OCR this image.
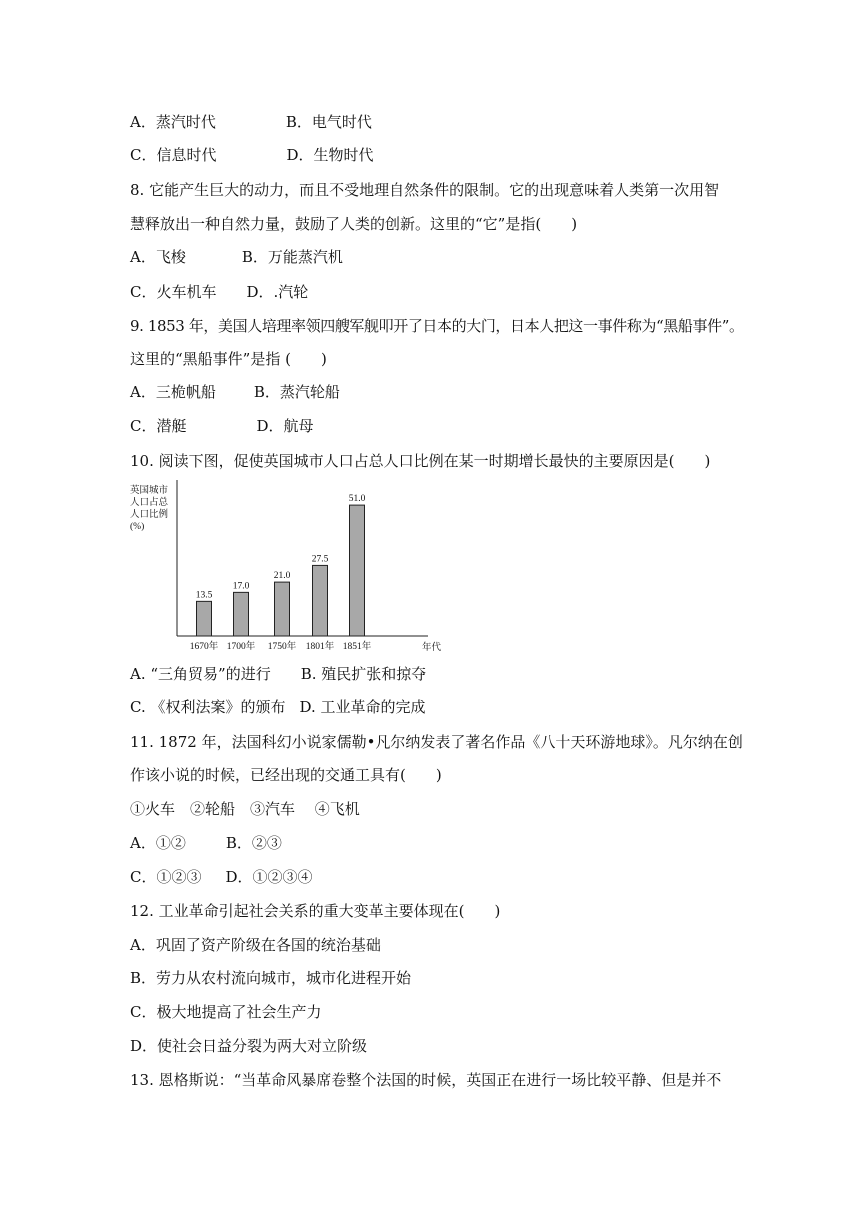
A．蒸汽时代	B．电气时代
C．信息时代	D．生物时代
8. 它能产生巨大的动力，而且不受地理自然条件的限制。它的出现意味着人类第一次用智
慧释放出一种自然力量，鼓励了人类的创新。这里的“它”是指(　　)
A．飞梭	B．万能蒸汽机
C．火车机车 D．.汽轮
9. 1853 年，美国人培理率领四艘军舰叩开了日本的大门，日本人把这一事件称为“黑船事件”。
这里的“黑船事件”是指 (　　)
A．三桅帆船	B．蒸汽轮船
C．潜艇	D．航母
10. 阅读下图，促使英国城市人口占总人口比例在某一时期增长最快的主要原因是(　　)
英国城市
人口占总
人口比例
(%)
13.5
1670年
17.0
1700年
21.0
1750年
27.5
1801年
51.0
1851年	年代
A. “三角贸易”的进行 B. 殖民扩张和掠夺
C. 《权利法案》的颁布 D. 工业革命的完成
11. 1872 年，法国科幻小说家儒勒•凡尔纳发表了著名作品《八十天环游地球》。凡尔纳在创
作该小说的时候，已经出现的交通工具有(　　)
①火车　②轮船　③汽车　 ④飞机
A．①②	B．②③
C．①②③ D．①②③④
12. 工业革命引起社会关系的重大变革主要体现在(　　)
A．巩固了资产阶级在各国的统治基础
B．劳力从农村流向城市，城市化进程开始
C．极大地提高了社会生产力
D．使社会日益分裂为两大对立阶级
13. 恩格斯说：“当革命风暴席卷整个法国的时候，英国正在进行一场比较平静、但是并不
